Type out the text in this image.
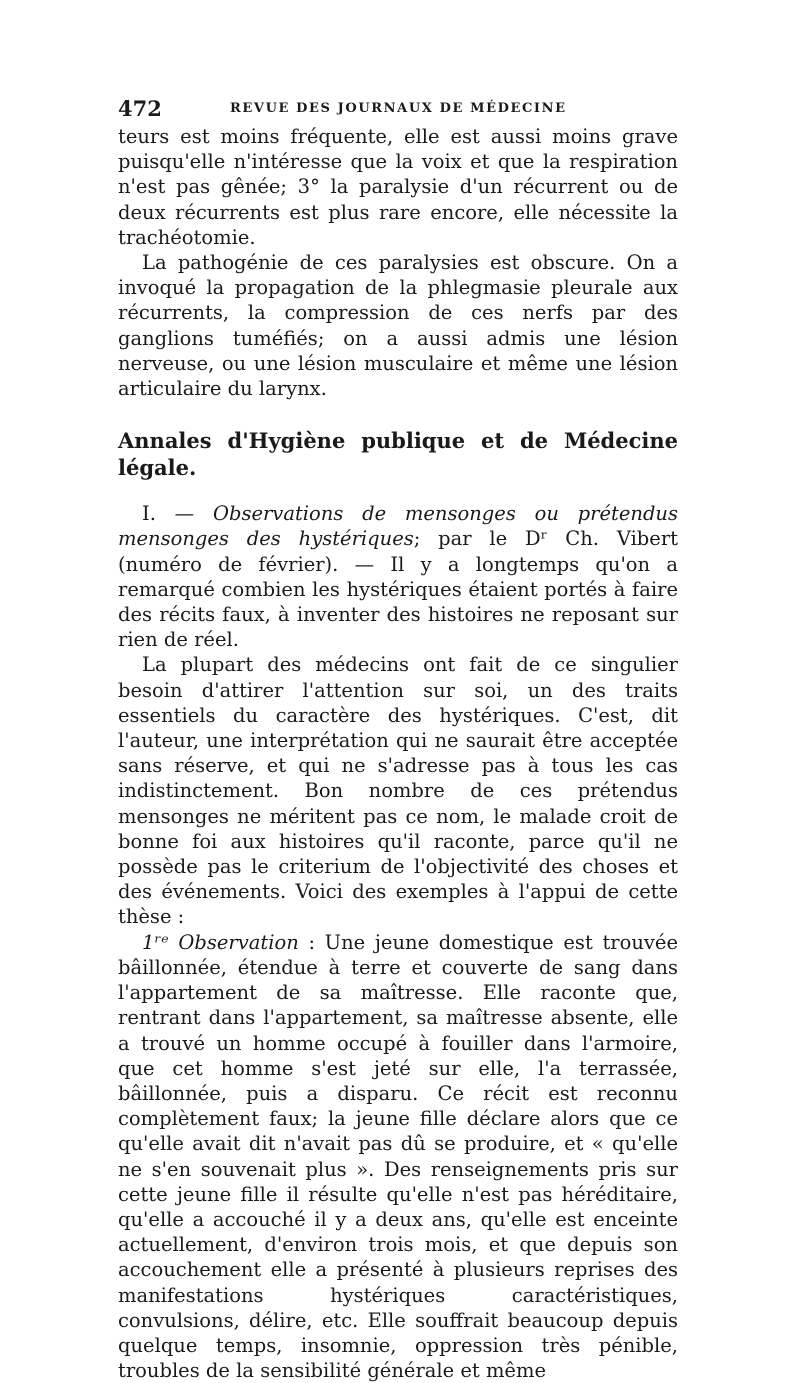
472	REVUE DES JOURNAUX DE MÉDECINE

teurs est moins fréquente, elle est aussi moins grave puisqu'elle n'intéresse que la voix et que la respiration n'est pas gênée; 3° la paralysie d'un récurrent ou de deux récurrents est plus rare encore, elle nécessite la trachéotomie.

La pathogénie de ces paralysies est obscure. On a invoqué la propagation de la phlegmasie pleurale aux récurrents, la compression de ces nerfs par des ganglions tuméfiés; on a aussi admis une lésion nerveuse, ou une lésion musculaire et même une lésion articulaire du larynx.

Annales d'Hygiène publique et de Médecine légale.

I. — Observations de mensonges ou prétendus mensonges des hystériques; par le Dʳ Ch. Vibert (numéro de février). — Il y a longtemps qu'on a remarqué combien les hystériques étaient portés à faire des récits faux, à inventer des histoires ne reposant sur rien de réel.

La plupart des médecins ont fait de ce singulier besoin d'attirer l'attention sur soi, un des traits essentiels du caractère des hystériques. C'est, dit l'auteur, une interprétation qui ne saurait être acceptée sans réserve, et qui ne s'adresse pas à tous les cas indistinctement. Bon nombre de ces prétendus mensonges ne méritent pas ce nom, le malade croit de bonne foi aux histoires qu'il raconte, parce qu'il ne possède pas le criterium de l'objectivité des choses et des événements. Voici des exemples à l'appui de cette thèse :

1ʳᵉ Observation : Une jeune domestique est trouvée bâillonnée, étendue à terre et couverte de sang dans l'appartement de sa maîtresse. Elle raconte que, rentrant dans l'appartement, sa maîtresse absente, elle a trouvé un homme occupé à fouiller dans l'armoire, que cet homme s'est jeté sur elle, l'a terrassée, bâillonnée, puis a disparu. Ce récit est reconnu complètement faux; la jeune fille déclare alors que ce qu'elle avait dit n'avait pas dû se produire, et « qu'elle ne s'en souvenait plus ». Des renseignements pris sur cette jeune fille il résulte qu'elle n'est pas héréditaire, qu'elle a accouché il y a deux ans, qu'elle est enceinte actuellement, d'environ trois mois, et que depuis son accouchement elle a présenté à plusieurs reprises des manifestations hystériques caractéristiques, convulsions, délire, etc. Elle souffrait beaucoup depuis quelque temps, insomnie, oppression très pénible, troubles de la sensibilité générale et même
